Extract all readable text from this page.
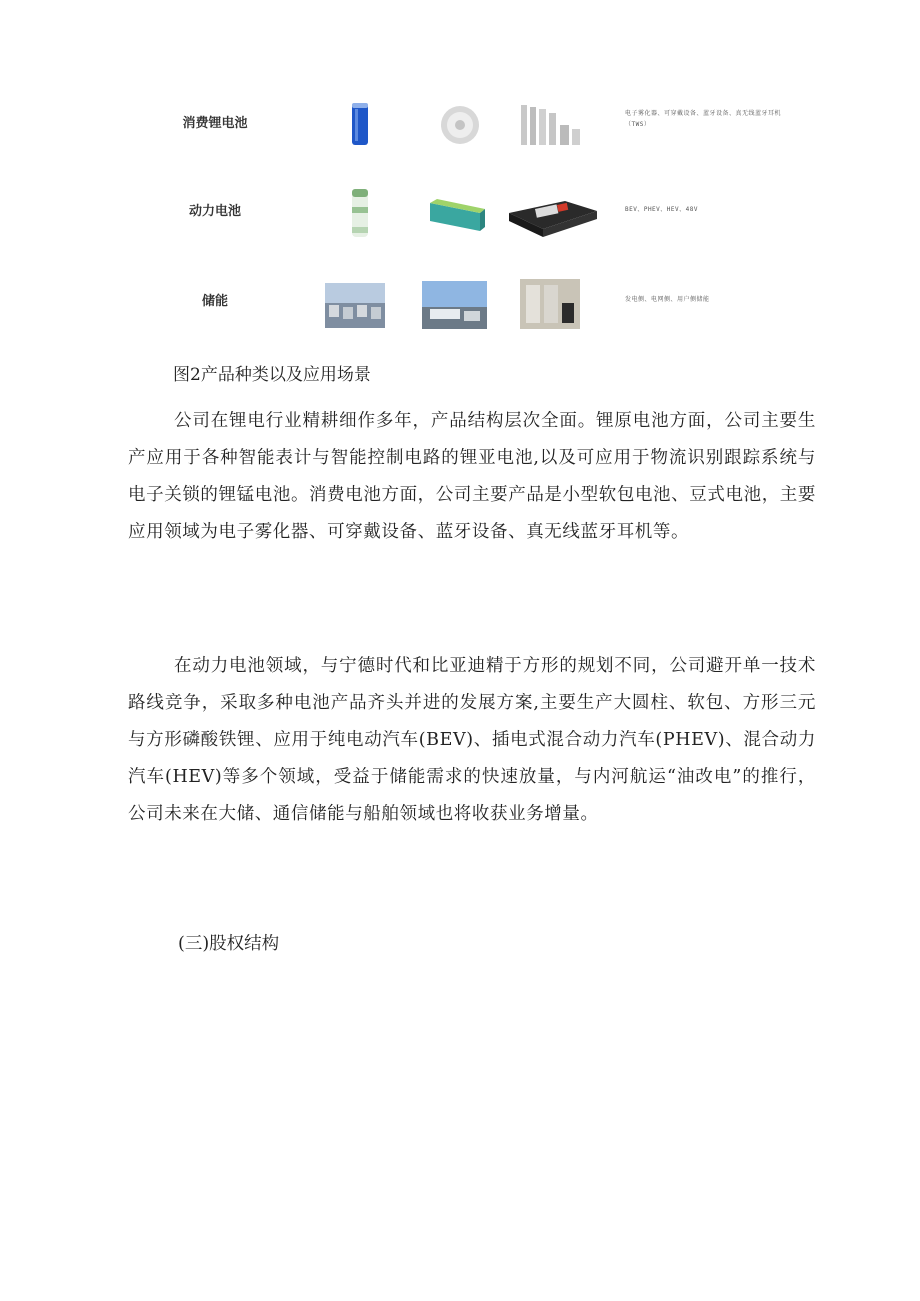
消费锂电池
电子雾化器、可穿戴设备、蓝牙设备、真无线蓝牙耳机（TWS）
动力电池	BEV、PHEV、HEV、48V
储能	发电侧、电网侧、用户侧储能
图2产品种类以及应用场景

公司在锂电行业精耕细作多年，产品结构层次全面。锂原电池方面，公司主要生产应用于各种智能表计与智能控制电路的锂亚电池,以及可应用于物流识别跟踪系统与电子关锁的锂锰电池。消费电池方面，公司主要产品是小型软包电池、豆式电池，主要应用领域为电子雾化器、可穿戴设备、蓝牙设备、真无线蓝牙耳机等。

在动力电池领域，与宁德时代和比亚迪精于方形的规划不同，公司避开单一技术路线竞争，采取多种电池产品齐头并进的发展方案,主要生产大圆柱、软包、方形三元与方形磷酸铁锂、应用于纯电动汽车(BEV)、插电式混合动力汽车(PHEV)、混合动力汽车(HEV)等多个领域，受益于储能需求的快速放量，与内河航运“油改电”的推行，公司未来在大储、通信储能与船舶领域也将收获业务增量。

(三)股权结构
